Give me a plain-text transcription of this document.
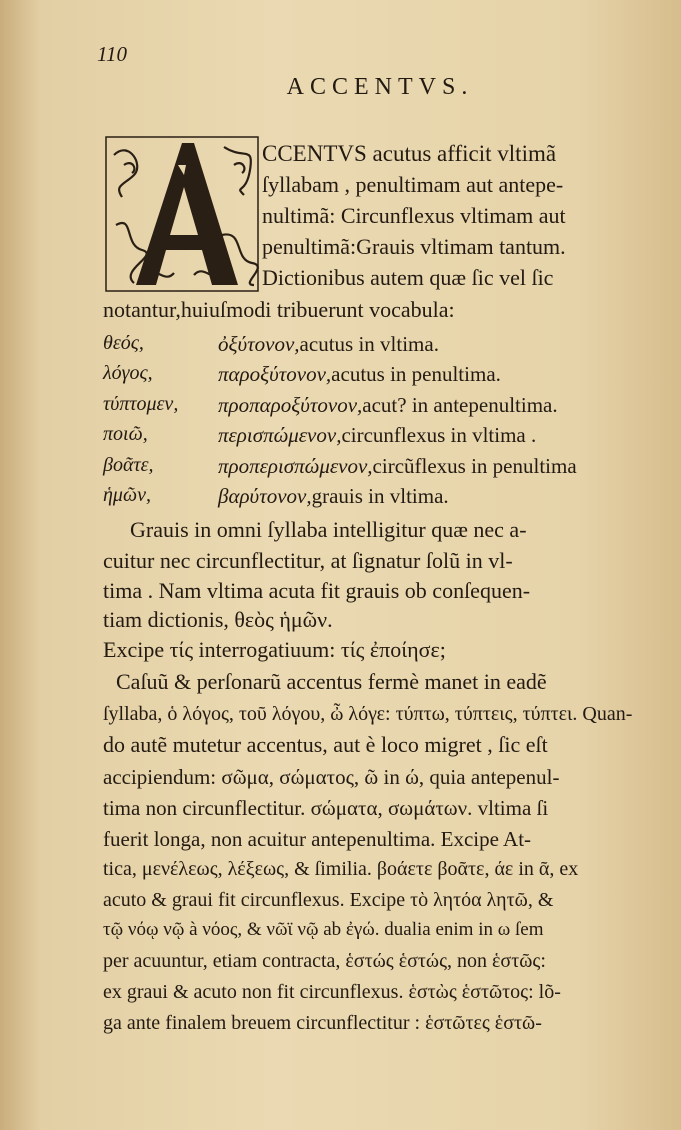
110
ACCENTVS.
CCENTVS acutus afficit vltimã
ſyllabam , penultimam aut antepe-
nultimã: Circunflexus vltimam aut
penultimã:Grauis vltimam tantum.
Dictionibus autem quæ ſic vel ſic
notantur,huiuſmodi tribuerunt vocabula:
θεός,	ὀξύτονον,acutus in vltima.
λόγος,	παροξύτονον,acutus in penultima.
τύπτομεν, προπαροξύτονον,acut? in antepenultima.
ποιῶ,	περισπώμενον,circunflexus in vltima .
βοᾶτε,	προπερισπώμενον,circũflexus in penultima
ἡμῶν,	βαρύτονον,grauis in vltima.
Grauis in omni ſyllaba intelligitur quæ nec a-
cuitur nec circunflectitur, at ſignatur ſolũ in vl-
tima . Nam vltima acuta fit grauis ob conſequen-
tiam dictionis, θεὸς ἡμῶν.
Excipe τίς interrogatiuum: τίς ἐποίησε;
Caſuũ & perſonarũ accentus fermè manet in eadẽ
ſyllaba, ὁ λόγος, τοῦ λόγου, ὦ λόγε: τύπτω, τύπτεις, τύπτει. Quan-
do autẽ mutetur accentus, aut è loco migret , ſic eſt
accipiendum: σῶμα, σώματος, ῶ in ώ, quia antepenul-
tima non circunflectitur. σώματα, σωμάτων. vltima ſi
fuerit longa, non acuitur antepenultima. Excipe At-
tica, μενέλεως, λέξεως, & ſimilia. βοάετε βοᾶτε, άε in ᾶ, ex
acuto & graui fit circunflexus. Excipe τὸ λητόα λητῶ, &
τῷ νόῳ νῷ à νόος, & νῶϊ νῷ ab ἐγώ. dualia enim in ω ſem
per acuuntur, etiam contracta, ἑστώς ἑστώς, non ἑστῶς:
ex graui & acuto non fit circunflexus. ἑστὼς ἑστῶτος: lõ-
ga ante finalem breuem circunflectitur : ἑστῶτες ἑστῶ-
